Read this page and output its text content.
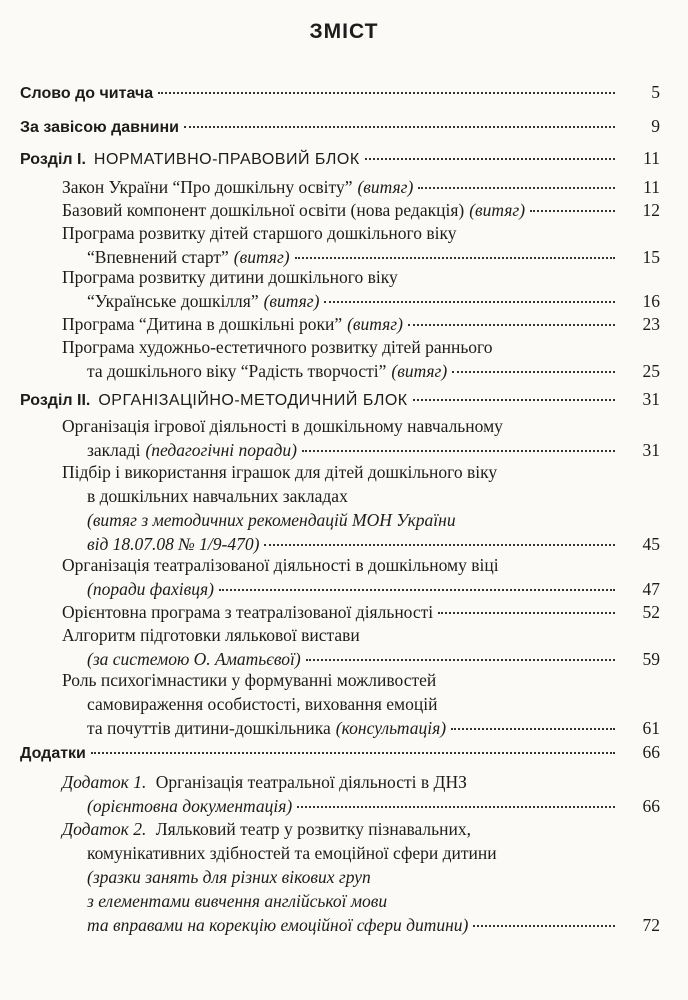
ЗМІСТ
Слово до читача	5
За завісою давнини	9
Розділ I. НОРМАТИВНО-ПРАВОВИЙ БЛОК	11
Закон України “Про дошкільну освіту” (витяг)	11
Базовий компонент дошкільної освіти (нова редакція) (витяг)	12
Програма розвитку дітей старшого дошкільного віку
“Впевнений старт” (витяг)	15
Програма розвитку дитини дошкільного віку
“Українське дошкілля” (витяг)	16
Програма “Дитина в дошкільні роки” (витяг)	23
Програма художньо-естетичного розвитку дітей раннього
та дошкільного віку “Радість творчості” (витяг)	25
Розділ II. ОРГАНІЗАЦІЙНО-МЕТОДИЧНИЙ БЛОК	31
Організація ігрової діяльності в дошкільному навчальному
закладі (педагогічні поради)	31
Підбір і використання іграшок для дітей дошкільного віку
в дошкільних навчальних закладах
(витяг з методичних рекомендацій МОН України
від 18.07.08 № 1/9-470)	45
Організація театралізованої діяльності в дошкільному віці
(поради фахівця)	47
Орієнтовна програма з театралізованої діяльності	52
Алгоритм підготовки лялькової вистави
(за системою О. Аматьєвої)	59
Роль психогімнастики у формуванні можливостей
самовираження особистості, виховання емоцій
та почуттів дитини-дошкільника (консультація)	61
Додатки	66
Додаток 1. Організація театральної діяльності в ДНЗ
(орієнтовна документація)	66
Додаток 2. Ляльковий театр у розвитку пізнавальних,
комунікативних здібностей та емоційної сфери дитини
(зразки занять для різних вікових груп
з елементами вивчення англійської мови
та вправами на корекцію емоційної сфери дитини)	72
